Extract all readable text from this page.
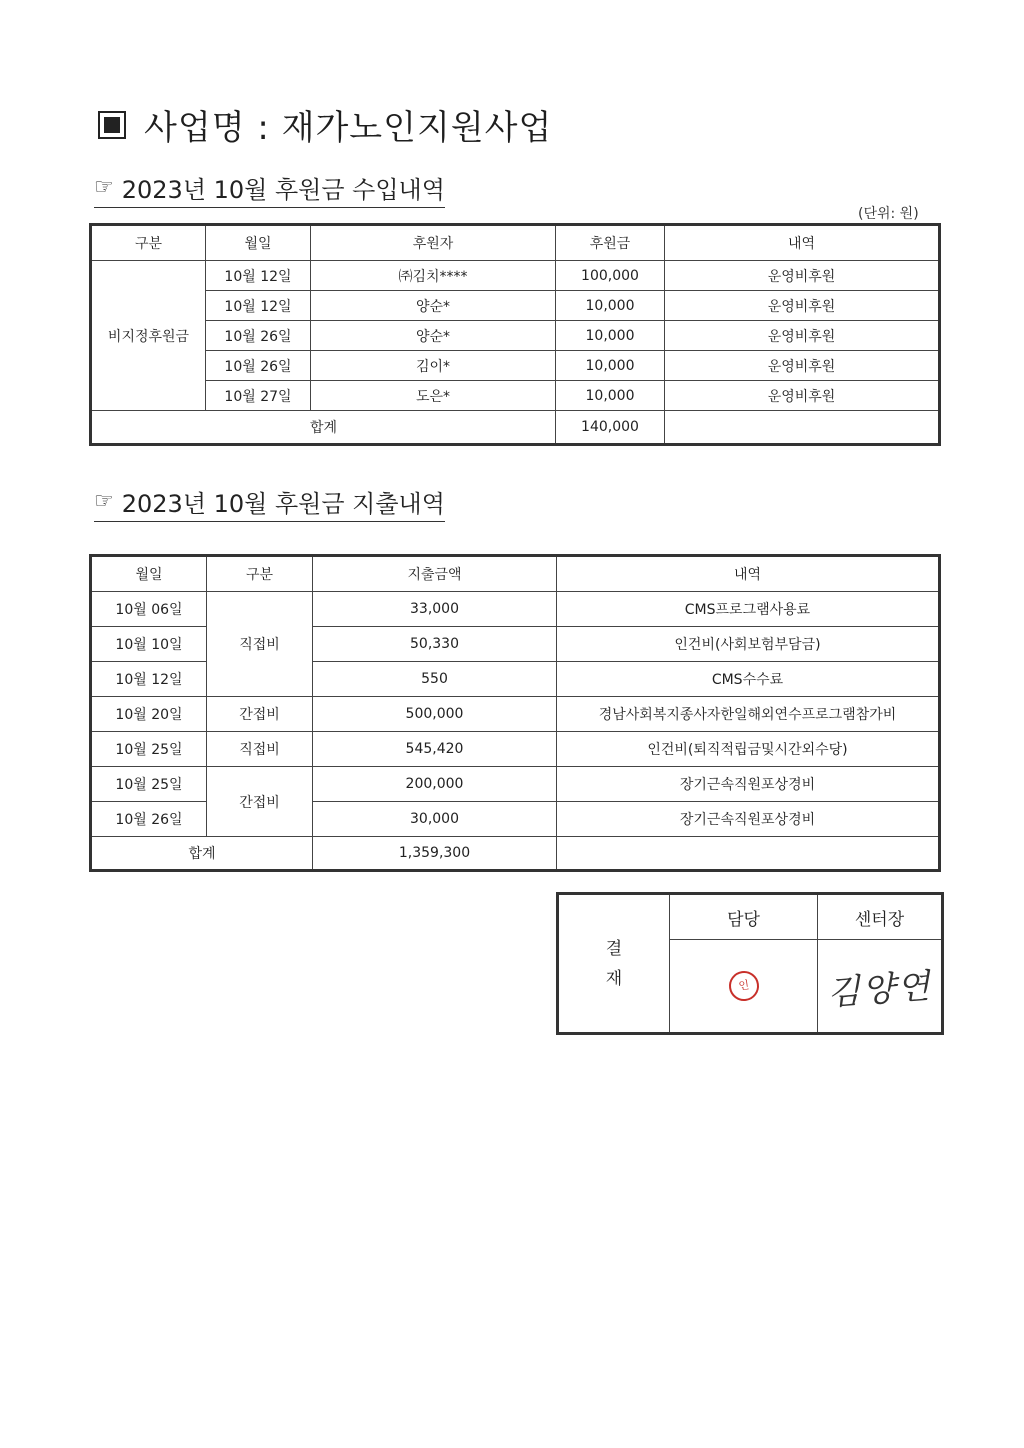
사업명 : 재가노인지원사업
☞ 2023년 10월 후원금 수입내역
(단위: 원)
구분	월일	후원자	후원금	내역
비지정후원금	10월 12일	㈜김치****	100,000	운영비후원
	10월 12일	양순*	10,000	운영비후원
	10월 26일	양순*	10,000	운영비후원
	10월 26일	김이*	10,000	운영비후원
	10월 27일	도은*	10,000	운영비후원
합계			140,000	
☞ 2023년 10월 후원금 지출내역
월일	구분	지출금액	내역
10월 06일	직접비	33,000	CMS프로그램사용료
10월 10일		50,330	인건비(사회보험부담금)
10월 12일		550	CMS수수료
10월 20일	간접비	500,000	경남사회복지종사자한일해외연수프로그램참가비
10월 25일	직접비	545,420	인건비(퇴직적립금및시간외수당)
10월 25일	간접비	200,000	장기근속직원포상경비
10월 26일		30,000	장기근속직원포상경비
합계		1,359,300	
결
재	담당	센터장

	인	김양연
